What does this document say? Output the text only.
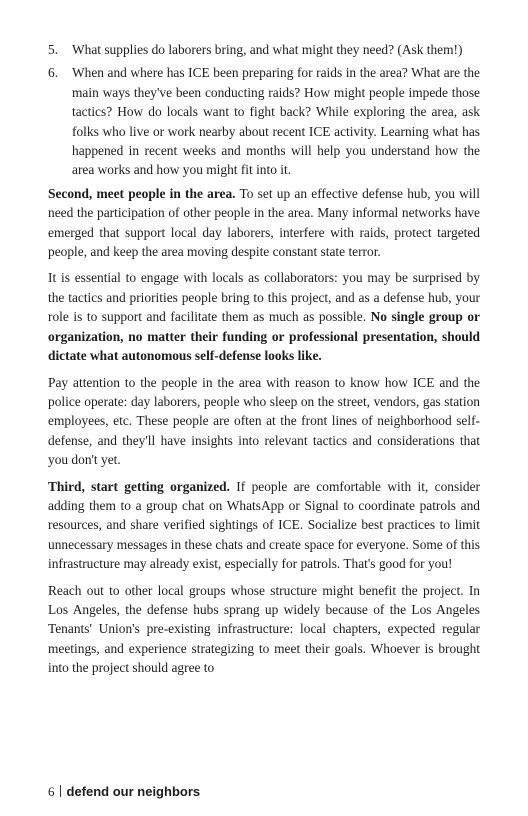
5. What supplies do laborers bring, and what might they need? (Ask them!)
6. When and where has ICE been preparing for raids in the area? What are the main ways they've been conducting raids? How might people impede those tactics? How do locals want to fight back? While exploring the area, ask folks who live or work nearby about recent ICE activity. Learning what has happened in recent weeks and months will help you understand how the area works and how you might fit into it.

Second, meet people in the area. To set up an effective defense hub, you will need the participation of other people in the area. Many informal networks have emerged that support local day laborers, interfere with raids, protect targeted people, and keep the area moving despite constant state terror.

It is essential to engage with locals as collaborators: you may be surprised by the tactics and priorities people bring to this project, and as a defense hub, your role is to support and facilitate them as much as possible. No single group or organization, no matter their funding or professional presentation, should dictate what autonomous self-defense looks like.

Pay attention to the people in the area with reason to know how ICE and the police operate: day laborers, people who sleep on the street, vendors, gas station employees, etc. These people are often at the front lines of neighborhood self-defense, and they'll have insights into relevant tactics and considerations that you don't yet.

Third, start getting organized. If people are comfortable with it, consider adding them to a group chat on WhatsApp or Signal to coordinate patrols and resources, and share verified sightings of ICE. Socialize best practices to limit unnecessary messages in these chats and create space for everyone. Some of this infrastructure may already exist, especially for patrols. That's good for you!

Reach out to other local groups whose structure might benefit the project. In Los Angeles, the defense hubs sprang up widely because of the Los Angeles Tenants' Union's pre-existing infrastructure: local chapters, expected regular meetings, and experience strategizing to meet their goals. Whoever is brought into the project should agree to

6 defend our neighbors
